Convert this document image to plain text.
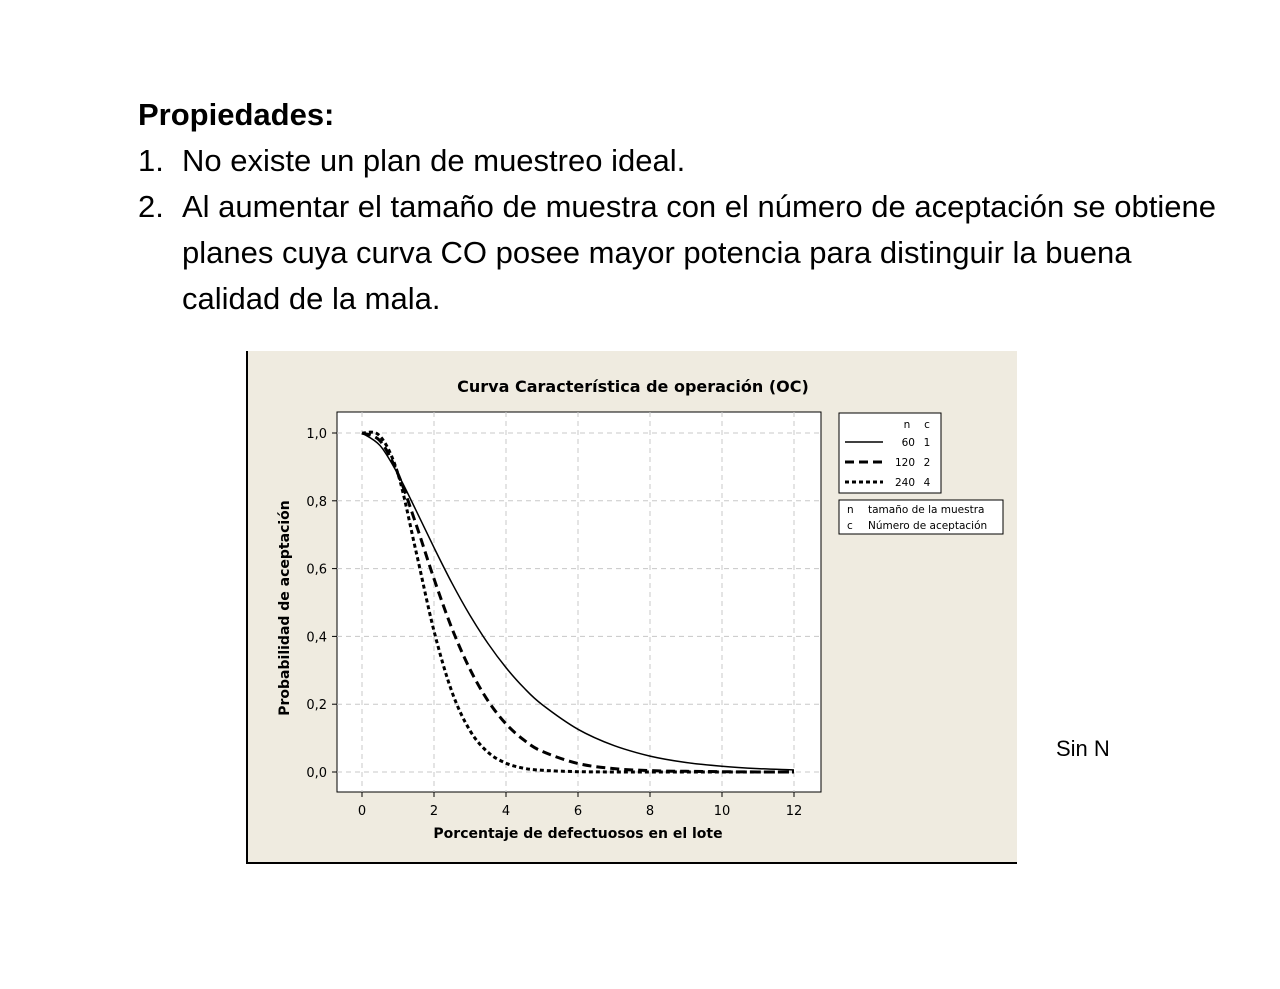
Propiedades:

1. No existe un plan de muestreo ideal.

2. Al aumentar el tamaño de muestra con el número de aceptación se obtiene planes cuya curva CO posee mayor potencia para distinguir la buena calidad de la mala.

0	2	4	6	8	10	12
0,0
0,2
0,4
0,6
0,8
1,0
Curva Característica de operación (OC)
Porcentaje de defectuosos en el lote
Probabilidad de aceptación
n c
60 1
120 2
240 4
n tamaño de la muestra
c Número de aceptación
Sin N
